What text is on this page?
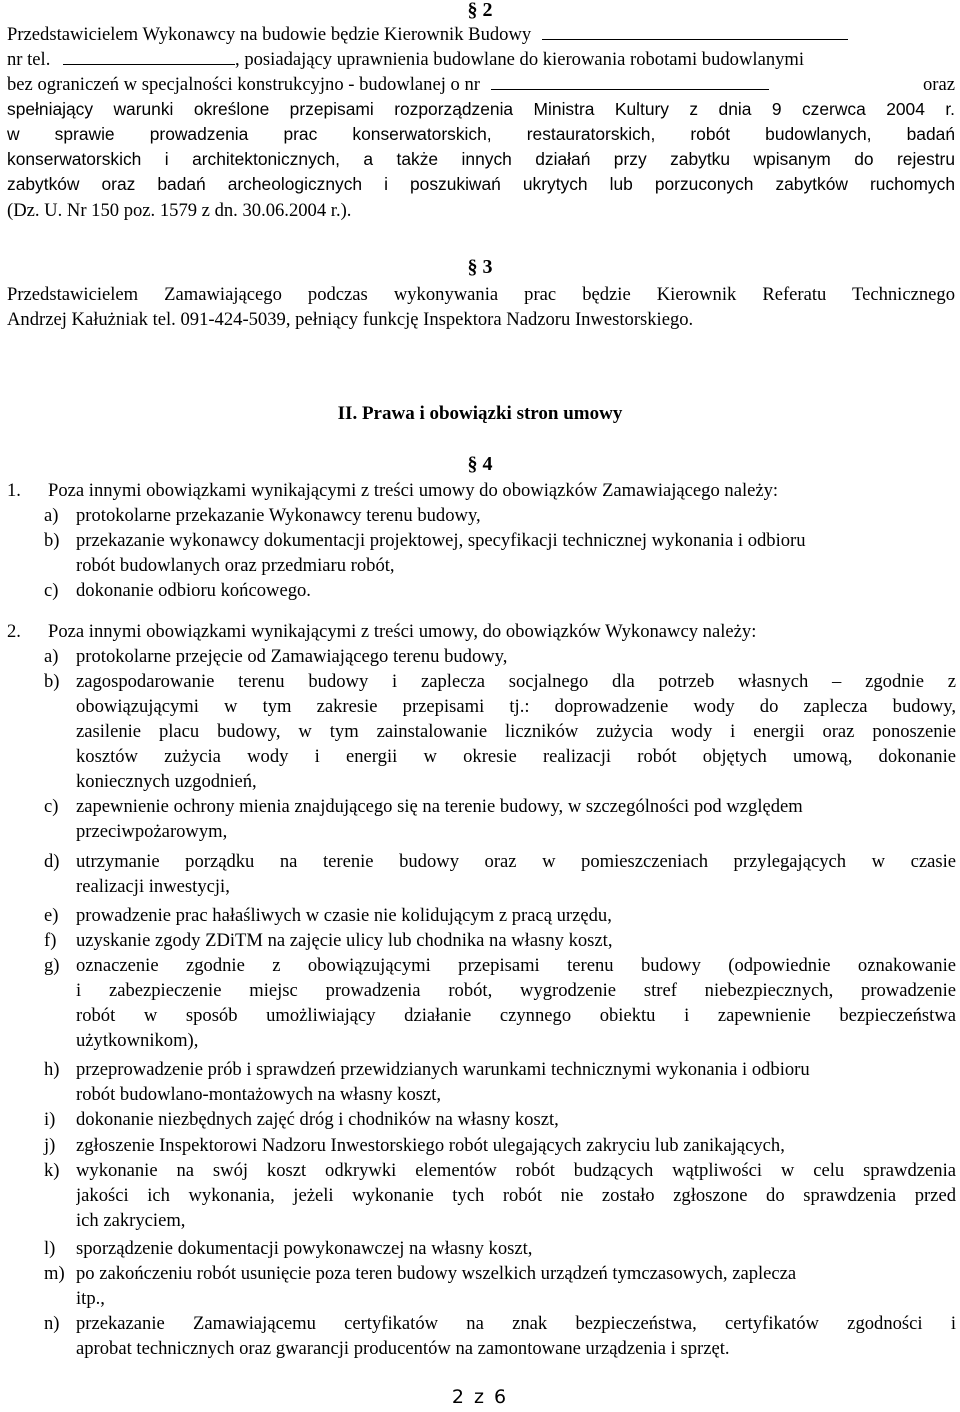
§ 2
Przedstawicielem Wykonawcy na budowie będzie Kierownik Budowy
nr tel.	, posiadający uprawnienia budowlane do kierowania robotami budowlanymi
bez ograniczeń w specjalności konstrukcyjno - budowlanej o nr	oraz
spełniający warunki określone przepisami rozporządzenia Ministra Kultury z dnia 9 czerwca 2004 r.
w sprawie prowadzenia prac konserwatorskich, restauratorskich, robót budowlanych, badań
konserwatorskich i architektonicznych, a także innych działań przy zabytku wpisanym do rejestru
zabytków oraz badań archeologicznych i poszukiwań ukrytych lub porzuconych zabytków ruchomych
(Dz. U. Nr 150 poz. 1579 z dn. 30.06.2004 r.).
§ 3
Przedstawicielem Zamawiającego podczas wykonywania prac będzie Kierownik Referatu Technicznego
Andrzej Kałużniak tel. 091-424-5039, pełniący funkcję Inspektora Nadzoru Inwestorskiego.
II. Prawa i obowiązki stron umowy
§ 4
1. Poza innymi obowiązkami wynikającymi z treści umowy do obowiązków Zamawiającego należy:
a) protokolarne przekazanie Wykonawcy terenu budowy,
b) przekazanie wykonawcy dokumentacji projektowej, specyfikacji technicznej wykonania i odbioru
robót budowlanych oraz przedmiaru robót,
c) dokonanie odbioru końcowego.
2. Poza innymi obowiązkami wynikającymi z treści umowy, do obowiązków Wykonawcy należy:
a) protokolarne przejęcie od Zamawiającego terenu budowy,
b) zagospodarowanie terenu budowy i zaplecza socjalnego dla potrzeb własnych – zgodnie z
obowiązującymi w tym zakresie przepisami tj.: doprowadzenie wody do zaplecza budowy,
zasilenie placu budowy, w tym zainstalowanie liczników zużycia wody i energii oraz ponoszenie
kosztów zużycia wody i energii w okresie realizacji robót objętych umową, dokonanie
koniecznych uzgodnień,
c) zapewnienie ochrony mienia znajdującego się na terenie budowy, w szczególności pod względem
przeciwpożarowym,
d) utrzymanie porządku na terenie budowy oraz w pomieszczeniach przylegających w czasie
realizacji inwestycji,
e) prowadzenie prac hałaśliwych w czasie nie kolidującym z pracą urzędu,
f) uzyskanie zgody ZDiTM na zajęcie ulicy lub chodnika na własny koszt,
g) oznaczenie zgodnie z obowiązującymi przepisami terenu budowy (odpowiednie oznakowanie
i zabezpieczenie miejsc prowadzenia robót, wygrodzenie stref niebezpiecznych, prowadzenie
robót w sposób umożliwiający działanie czynnego obiektu i zapewnienie bezpieczeństwa
użytkownikom),
h) przeprowadzenie prób i sprawdzeń przewidzianych warunkami technicznymi wykonania i odbioru
robót budowlano-montażowych na własny koszt,
i) dokonanie niezbędnych zajęć dróg i chodników na własny koszt,
j) zgłoszenie Inspektorowi Nadzoru Inwestorskiego robót ulegających zakryciu lub zanikających,
k) wykonanie na swój koszt odkrywki elementów robót budzących wątpliwości w celu sprawdzenia
jakości ich wykonania, jeżeli wykonanie tych robót nie zostało zgłoszone do sprawdzenia przed
ich zakryciem,
l) sporządzenie dokumentacji powykonawczej na własny koszt,
m) po zakończeniu robót usunięcie poza teren budowy wszelkich urządzeń tymczasowych, zaplecza
itp.,
n) przekazanie Zamawiającemu certyfikatów na znak bezpieczeństwa, certyfikatów zgodności i
aprobat technicznych oraz gwarancji producentów na zamontowane urządzenia i sprzęt.
2 z 6
